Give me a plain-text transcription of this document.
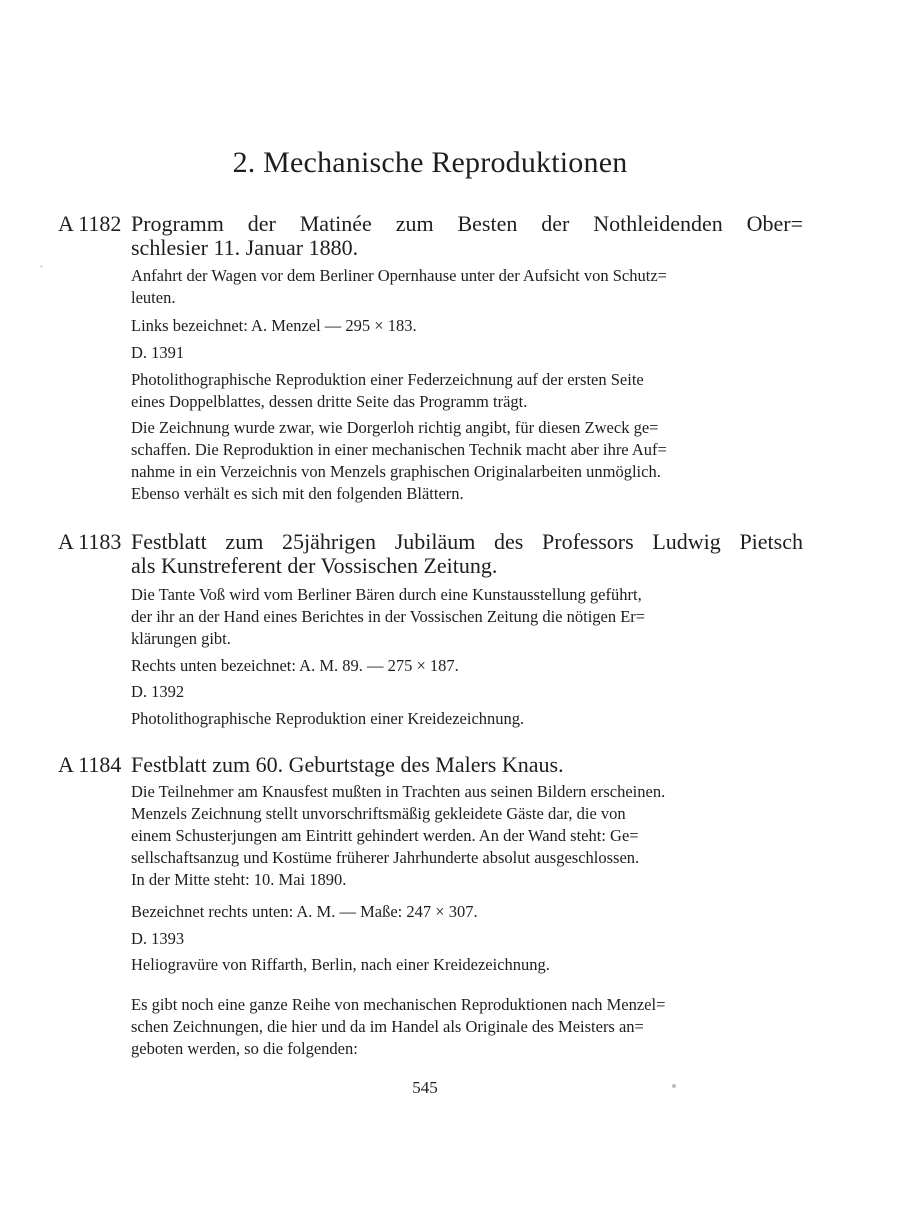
2. Mechanische Reproduktionen
A 1182 Programm der Matinée zum Besten der Nothleidenden Ober=
schlesier 11. Januar 1880.
Anfahrt der Wagen vor dem Berliner Opernhause unter der Aufsicht von Schutz=
leuten.
Links bezeichnet: A. Menzel — 295 × 183.
D. 1391
Photolithographische Reproduktion einer Federzeichnung auf der ersten Seite
eines Doppelblattes, dessen dritte Seite das Programm trägt.
Die Zeichnung wurde zwar, wie Dorgerloh richtig angibt, für diesen Zweck ge=
schaffen. Die Reproduktion in einer mechanischen Technik macht aber ihre Auf=
nahme in ein Verzeichnis von Menzels graphischen Originalarbeiten unmöglich.
Ebenso verhält es sich mit den folgenden Blättern.
A 1183 Festblatt zum 25jährigen Jubiläum des Professors Ludwig Pietsch
als Kunstreferent der Vossischen Zeitung.
Die Tante Voß wird vom Berliner Bären durch eine Kunstausstellung geführt,
der ihr an der Hand eines Berichtes in der Vossischen Zeitung die nötigen Er=
klärungen gibt.
Rechts unten bezeichnet: A. M. 89. — 275 × 187.
D. 1392
Photolithographische Reproduktion einer Kreidezeichnung.
A 1184 Festblatt zum 60. Geburtstage des Malers Knaus.
Die Teilnehmer am Knausfest mußten in Trachten aus seinen Bildern erscheinen.
Menzels Zeichnung stellt unvorschriftsmäßig gekleidete Gäste dar, die von
einem Schusterjungen am Eintritt gehindert werden. An der Wand steht: Ge=
sellschaftsanzug und Kostüme früherer Jahrhunderte absolut ausgeschlossen.
In der Mitte steht: 10. Mai 1890.
Bezeichnet rechts unten: A. M. — Maße: 247 × 307.
D. 1393
Heliogravüre von Riffarth, Berlin, nach einer Kreidezeichnung.
Es gibt noch eine ganze Reihe von mechanischen Reproduktionen nach Menzel=
schen Zeichnungen, die hier und da im Handel als Originale des Meisters an=
geboten werden, so die folgenden:
545
